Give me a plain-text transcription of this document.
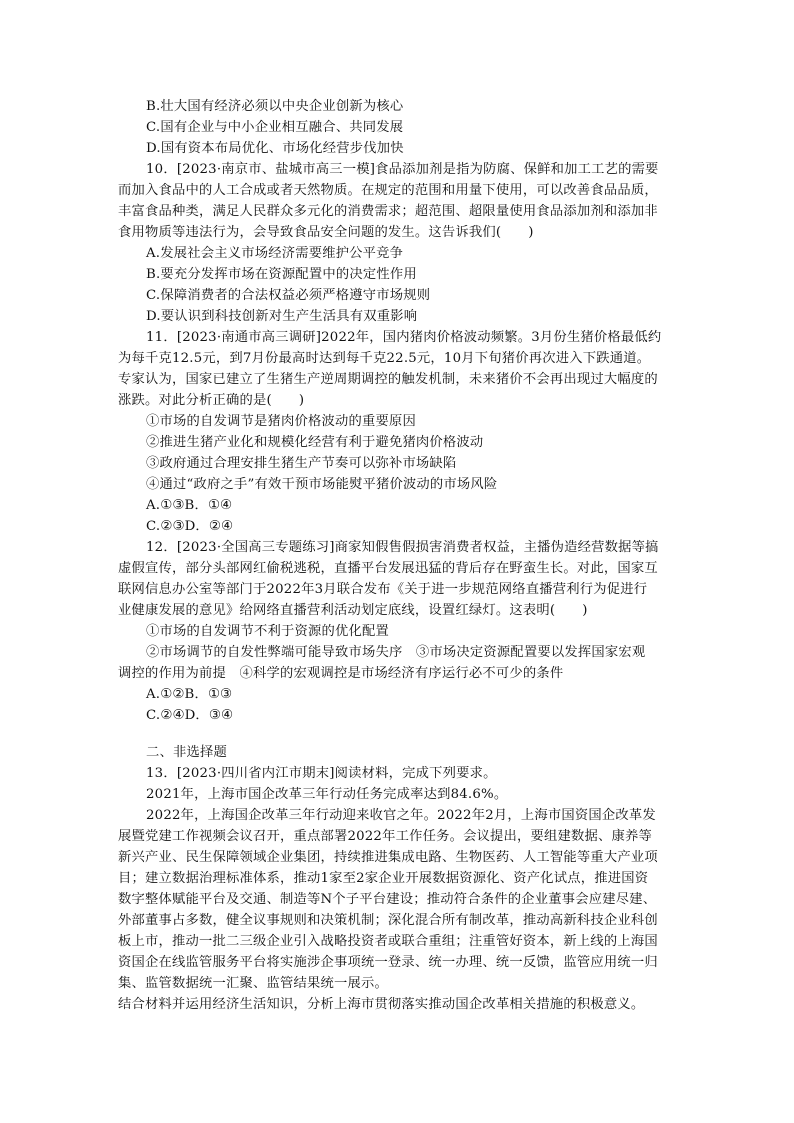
B.壮大国有经济必须以中央企业创新为核心
C.国有企业与中小企业相互融合、共同发展
D.国有资本布局优化、市场化经营步伐加快
10．[2023·南京市、盐城市高三一模]食品添加剂是指为防腐、保鲜和加工工艺的需要
而加入食品中的人工合成或者天然物质。在规定的范围和用量下使用，可以改善食品品质，
丰富食品种类，满足人民群众多元化的消费需求；超范围、超限量使用食品添加剂和添加非
食用物质等违法行为，会导致食品安全问题的发生。这告诉我们(　　)
A.发展社会主义市场经济需要维护公平竞争
B.要充分发挥市场在资源配置中的决定性作用
C.保障消费者的合法权益必须严格遵守市场规则
D.要认识到科技创新对生产生活具有双重影响
11．[2023·南通市高三调研]2022年，国内猪肉价格波动频繁。3月份生猪价格最低约
为每千克12.5元，到7月份最高时达到每千克22.5元，10月下旬猪价再次进入下跌通道。
专家认为，国家已建立了生猪生产逆周期调控的触发机制，未来猪价不会再出现过大幅度的
涨跌。对此分析正确的是(　　)
①市场的自发调节是猪肉价格波动的重要原因
②推进生猪产业化和规模化经营有利于避免猪肉价格波动
③政府通过合理安排生猪生产节奏可以弥补市场缺陷
④通过“政府之手”有效干预市场能熨平猪价波动的市场风险
A.①③B．①④
C.②③D．②④
12．[2023·全国高三专题练习]商家知假售假损害消费者权益，主播伪造经营数据等搞
虚假宣传，部分头部网红偷税逃税，直播平台发展迅猛的背后存在野蛮生长。对此，国家互
联网信息办公室等部门于2022年3月联合发布《关于进一步规范网络直播营利行为促进行
业健康发展的意见》给网络直播营利活动划定底线，设置红绿灯。这表明(　　)
①市场的自发调节不利于资源的优化配置
②市场调节的自发性弊端可能导致市场失序　③市场决定资源配置要以发挥国家宏观
调控的作用为前提　④科学的宏观调控是市场经济有序运行必不可少的条件
A.①②B．①③
C.②④D．③④
二、非选择题
13．[2023·四川省内江市期末]阅读材料，完成下列要求。
2021年，上海市国企改革三年行动任务完成率达到84.6%。
2022年，上海国企改革三年行动迎来收官之年。2022年2月，上海市国资国企改革发
展暨党建工作视频会议召开，重点部署2022年工作任务。会议提出，要组建数据、康养等
新兴产业、民生保障领域企业集团，持续推进集成电路、生物医药、人工智能等重大产业项
目；建立数据治理标准体系，推动1家至2家企业开展数据资源化、资产化试点，推进国资
数字整体赋能平台及交通、制造等N个子平台建设；推动符合条件的企业董事会应建尽建、
外部董事占多数，健全议事规则和决策机制；深化混合所有制改革，推动高新科技企业科创
板上市，推动一批二三级企业引入战略投资者或联合重组；注重管好资本，新上线的上海国
资国企在线监管服务平台将实施涉企事项统一登录、统一办理、统一反馈，监管应用统一归
集、监管数据统一汇聚、监管结果统一展示。
结合材料并运用经济生活知识，分析上海市贯彻落实推动国企改革相关措施的积极意义。
